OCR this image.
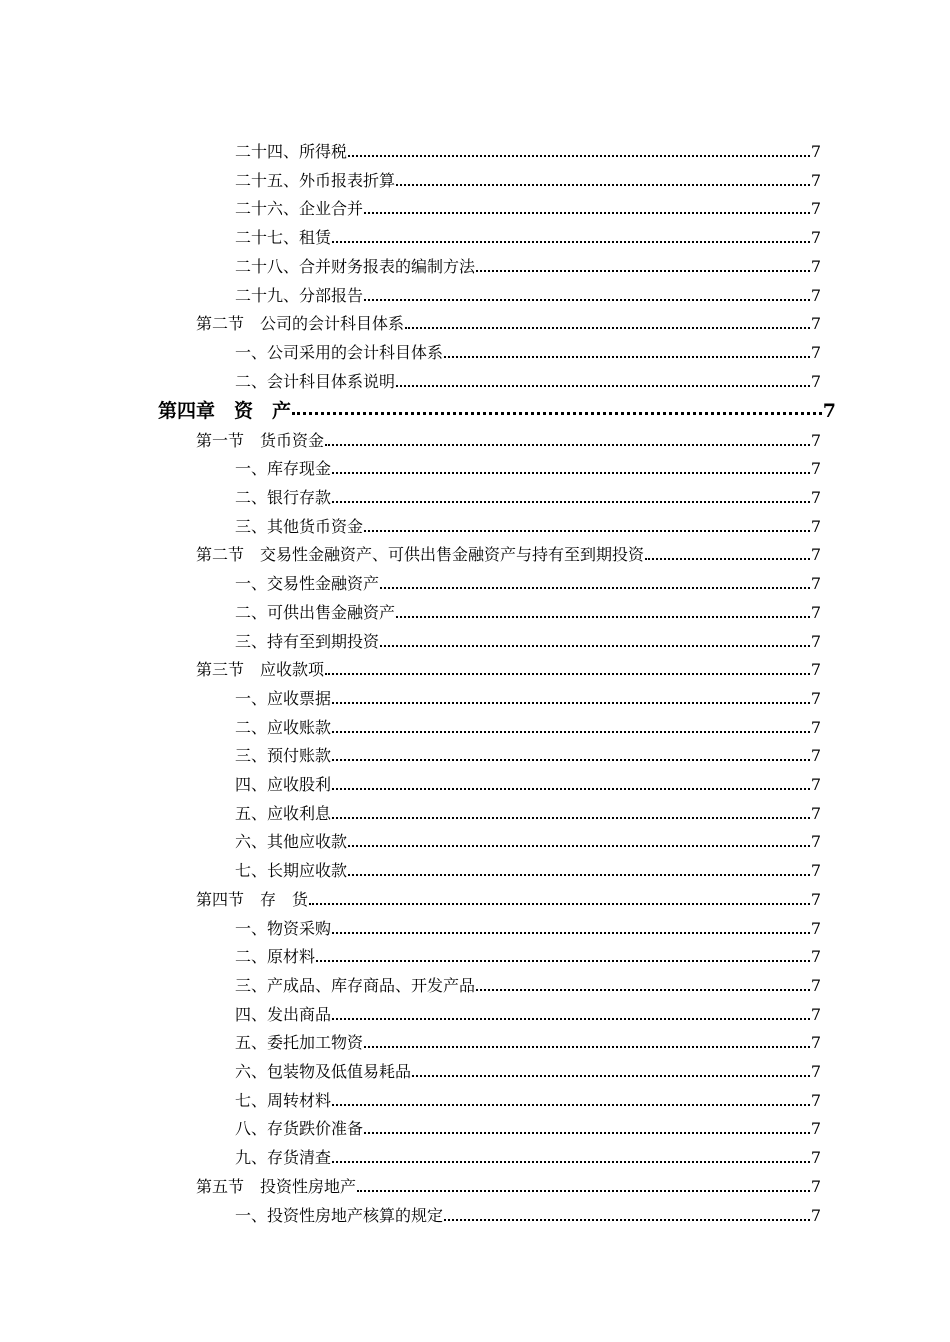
二十四、所得税	7
二十五、外币报表折算	7
二十六、企业合并	7
二十七、租赁	7
二十八、合并财务报表的编制方法	7
二十九、分部报告	7
第二节　公司的会计科目体系	7
一、公司采用的会计科目体系	7
二、会计科目体系说明	7
第四章　资　产	7
第一节　货币资金	7
一、库存现金	7
二、银行存款	7
三、其他货币资金	7
第二节　交易性金融资产、可供出售金融资产与持有至到期投资	7
一、交易性金融资产	7
二、可供出售金融资产	7
三、持有至到期投资	7
第三节　应收款项	7
一、应收票据	7
二、应收账款	7
三、预付账款	7
四、应收股利	7
五、应收利息	7
六、其他应收款	7
七、长期应收款	7
第四节　存　货	7
一、物资采购	7
二、原材料	7
三、产成品、库存商品、开发产品	7
四、发出商品	7
五、委托加工物资	7
六、包装物及低值易耗品	7
七、周转材料	7
八、存货跌价准备	7
九、存货清查	7
第五节　投资性房地产	7
一、投资性房地产核算的规定	7
